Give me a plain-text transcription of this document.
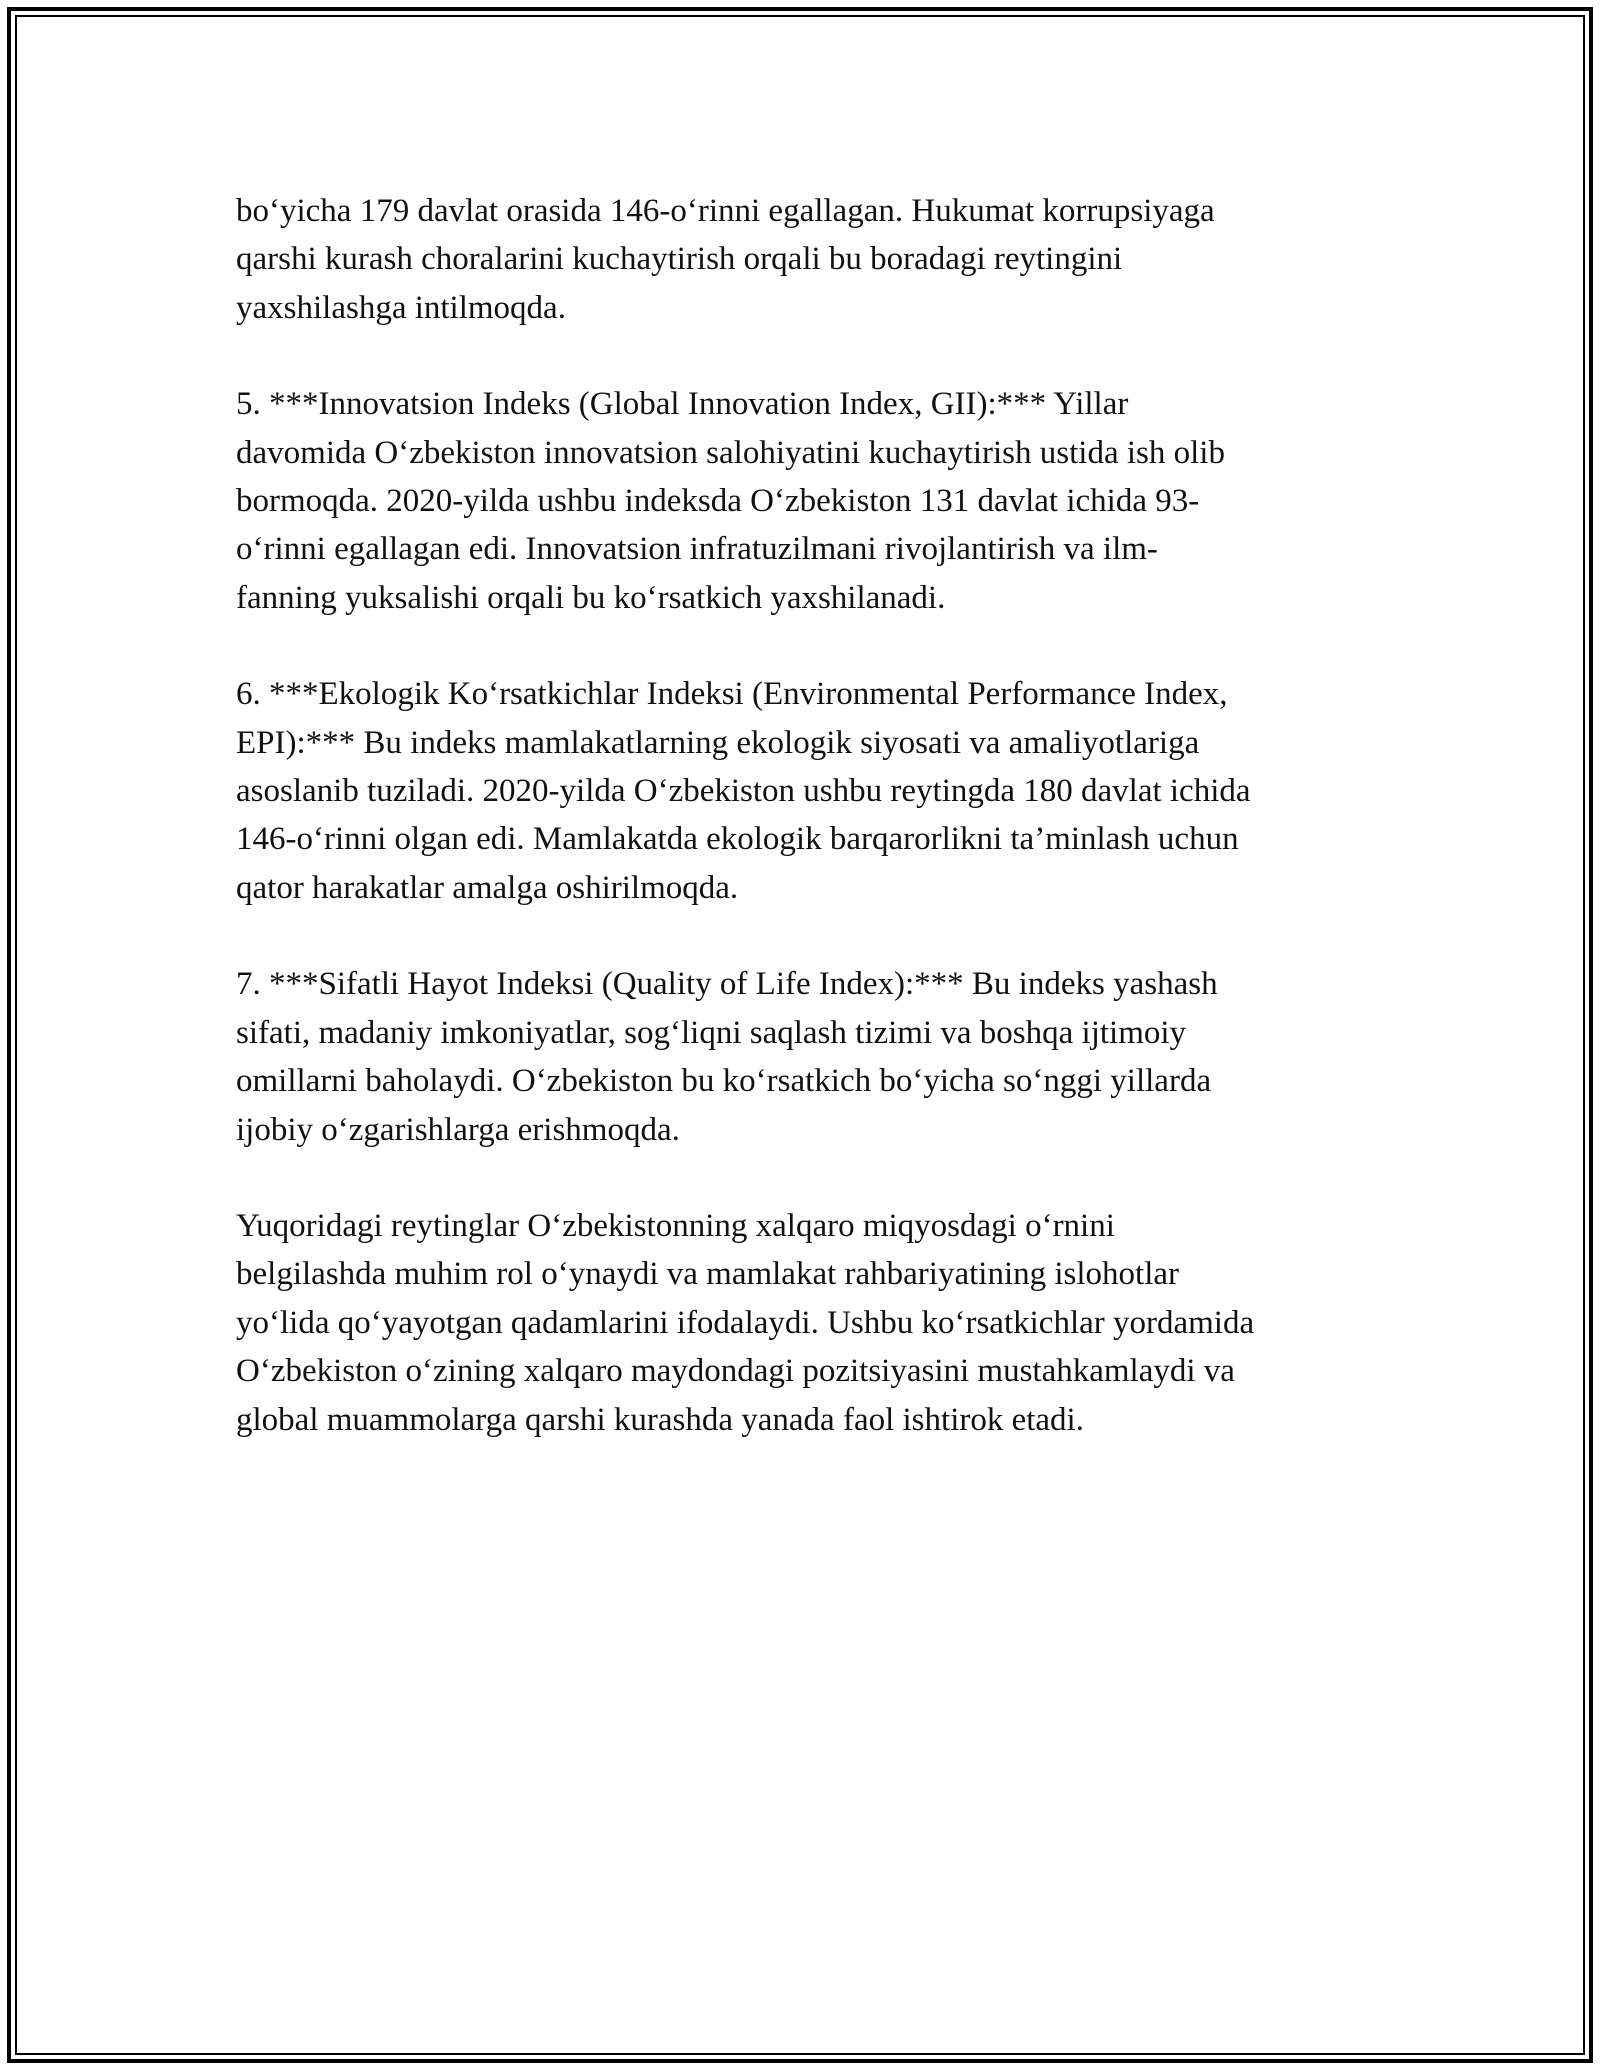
bo‘yicha 179 davlat orasida 146-o‘rinni egallagan. Hukumat korrupsiyaga
qarshi kurash choralarini kuchaytirish orqali bu boradagi reytingini
yaxshilashga intilmoqda.

5. ***Innovatsion Indeks (Global Innovation Index, GII):*** Yillar
davomida O‘zbekiston innovatsion salohiyatini kuchaytirish ustida ish olib
bormoqda. 2020-yilda ushbu indeksda O‘zbekiston 131 davlat ichida 93-
o‘rinni egallagan edi. Innovatsion infratuzilmani rivojlantirish va ilm-
fanning yuksalishi orqali bu ko‘rsatkich yaxshilanadi.

6. ***Ekologik Ko‘rsatkichlar Indeksi (Environmental Performance Index,
EPI):*** Bu indeks mamlakatlarning ekologik siyosati va amaliyotlariga
asoslanib tuziladi. 2020-yilda O‘zbekiston ushbu reytingda 180 davlat ichida
146-o‘rinni olgan edi. Mamlakatda ekologik barqarorlikni ta’minlash uchun
qator harakatlar amalga oshirilmoqda.

7. ***Sifatli Hayot Indeksi (Quality of Life Index):*** Bu indeks yashash
sifati, madaniy imkoniyatlar, sog‘liqni saqlash tizimi va boshqa ijtimoiy
omillarni baholaydi. O‘zbekiston bu ko‘rsatkich bo‘yicha so‘nggi yillarda
ijobiy o‘zgarishlarga erishmoqda.

Yuqoridagi reytinglar O‘zbekistonning xalqaro miqyosdagi o‘rnini
belgilashda muhim rol o‘ynaydi va mamlakat rahbariyatining islohotlar
yo‘lida qo‘yayotgan qadamlarini ifodalaydi. Ushbu ko‘rsatkichlar yordamida
O‘zbekiston o‘zining xalqaro maydondagi pozitsiyasini mustahkamlaydi va
global muammolarga qarshi kurashda yanada faol ishtirok etadi.
